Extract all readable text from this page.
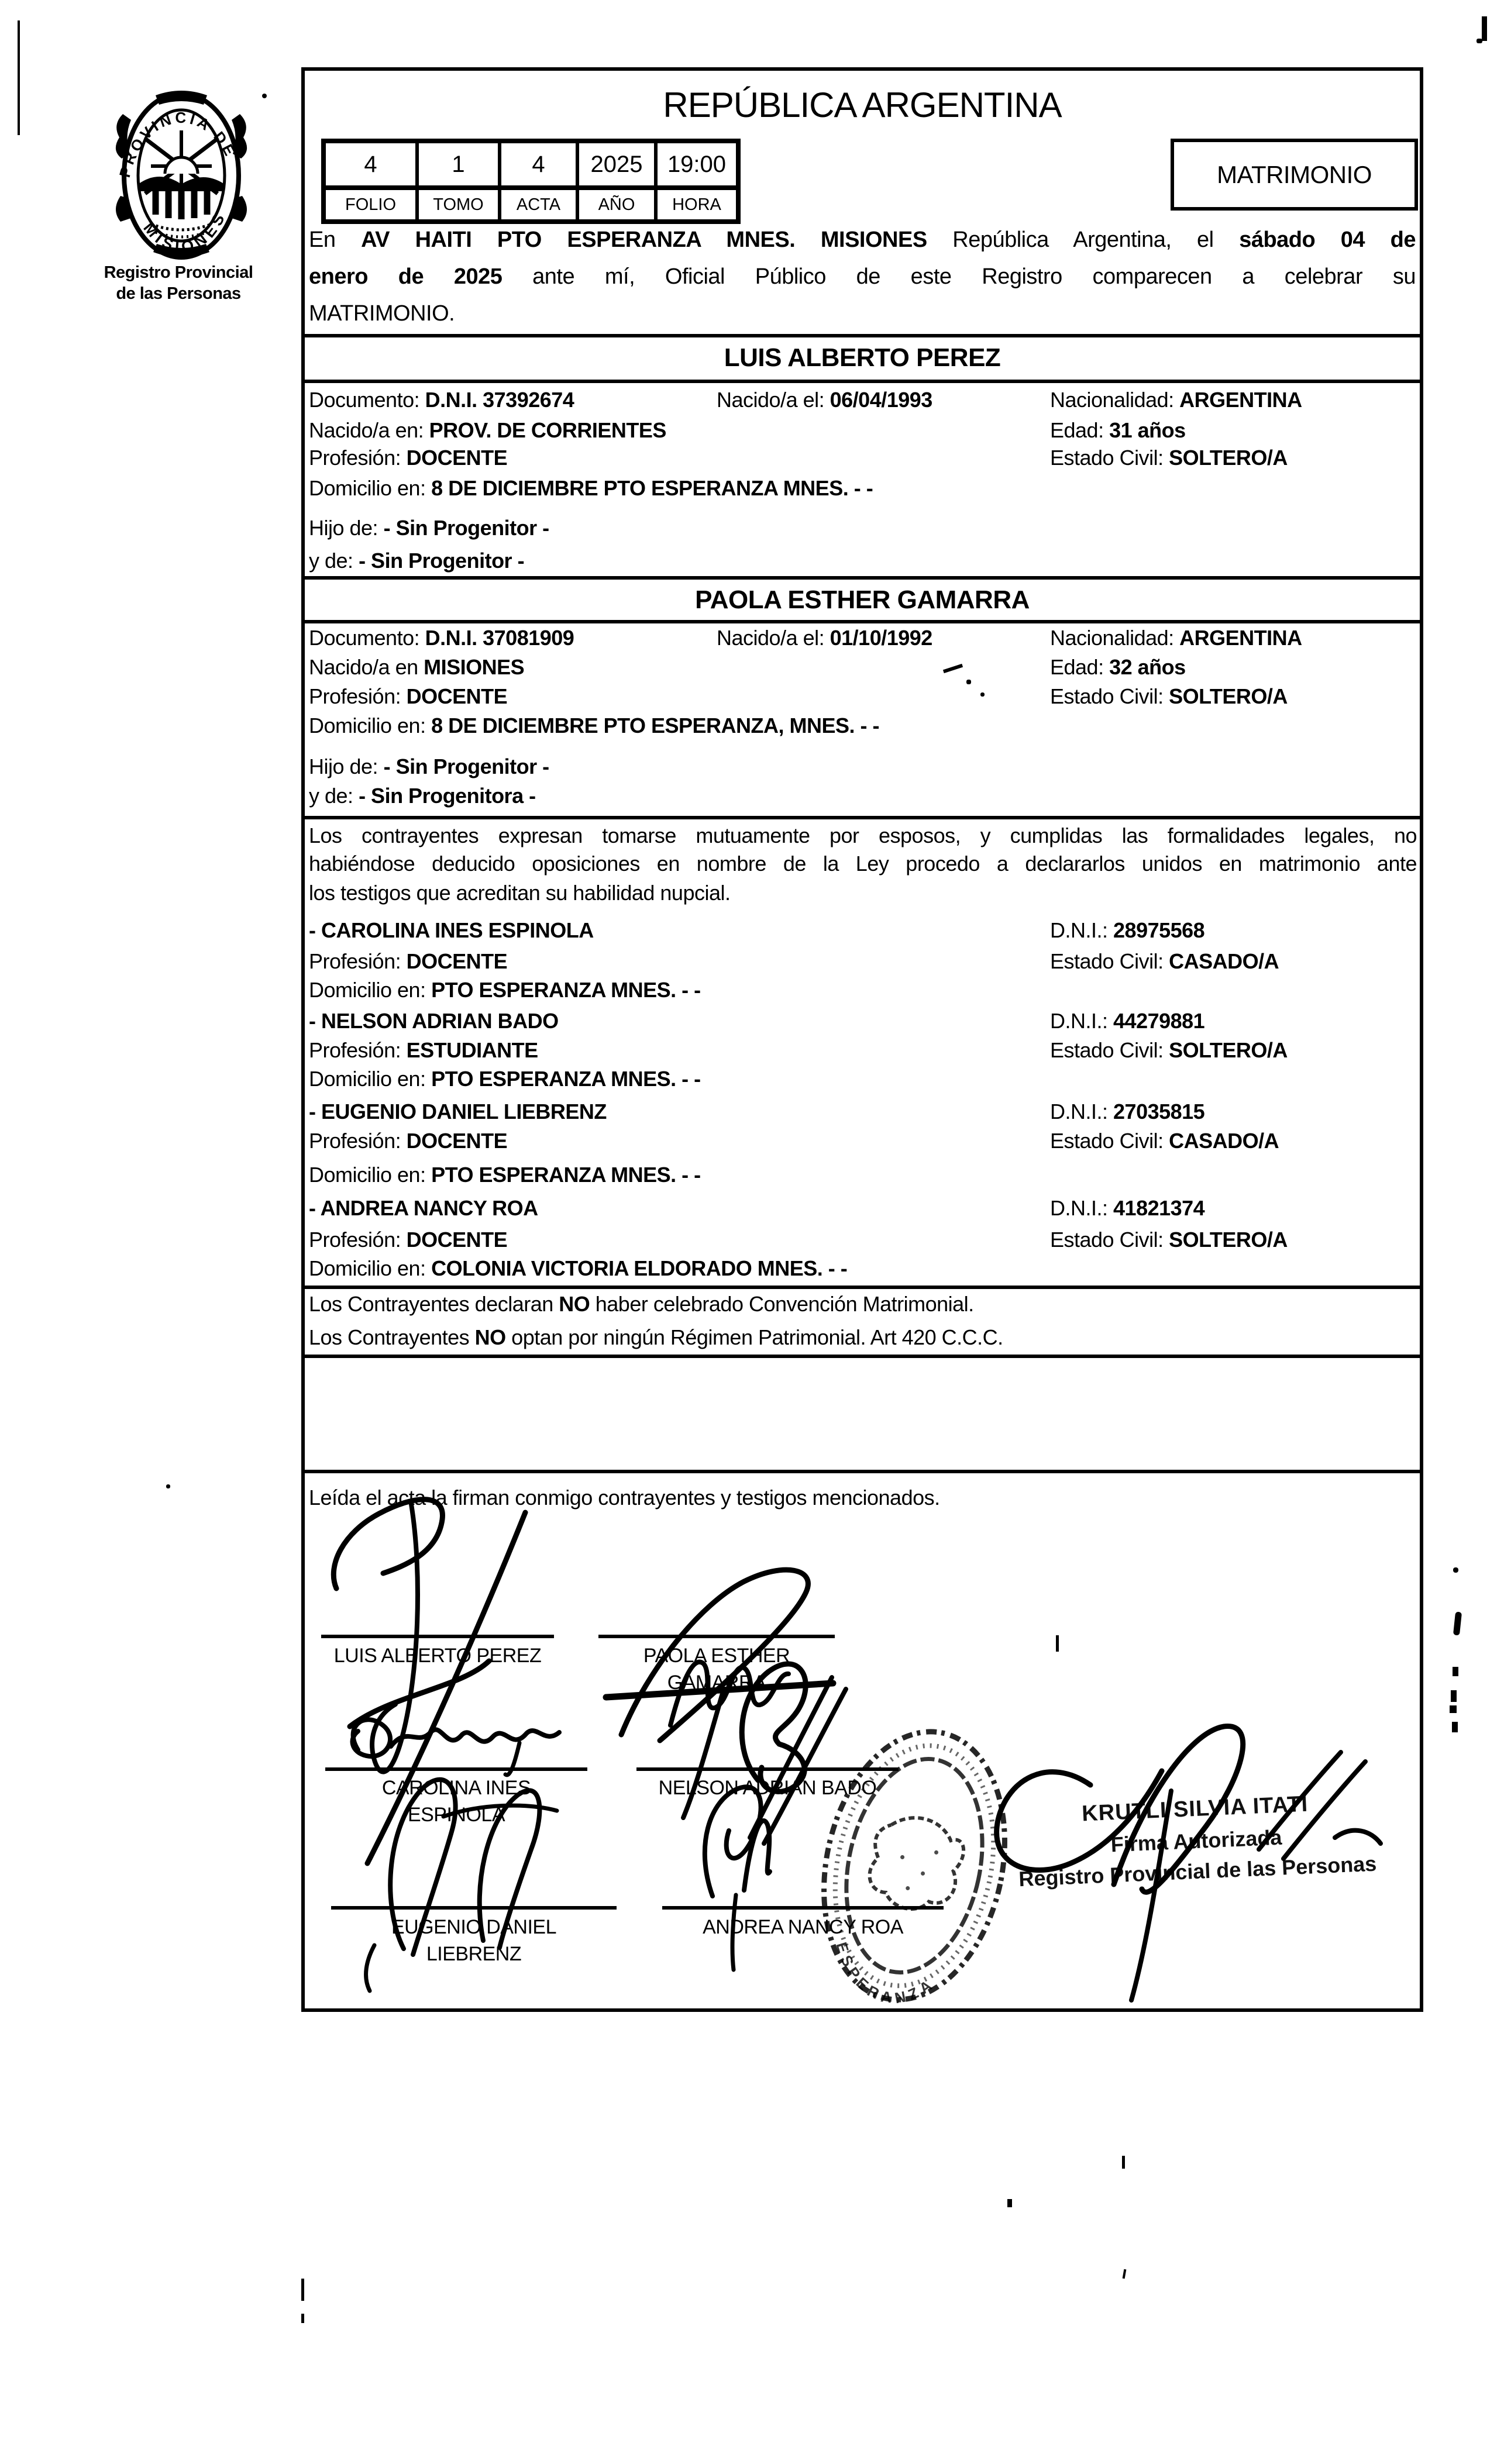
PROVINCIA DE
MISIONES
Registro Provincial
de las Personas
REPÚBLICA ARGENTINA
4	1	4	2025	19:00
FOLIO	TOMO	ACTA	AÑO	HORA
MATRIMONIO
En AV HAITI PTO ESPERANZA MNES. MISIONES República Argentina, el sábado 04 de
enero de 2025 ante mí, Oficial Público de este Registro comparecen a celebrar su
MATRIMONIO.
LUIS ALBERTO PEREZ
Documento: D.N.I. 37392674	Nacido/a el: 06/04/1993	Nacionalidad: ARGENTINA
Nacido/a en: PROV. DE CORRIENTES	Edad: 31 años
Profesión: DOCENTE	Estado Civil: SOLTERO/A
Domicilio en: 8 DE DICIEMBRE PTO ESPERANZA MNES. - -
Hijo de: - Sin Progenitor -
y de: - Sin Progenitor -
PAOLA ESTHER GAMARRA
Documento: D.N.I. 37081909	Nacido/a el: 01/10/1992	Nacionalidad: ARGENTINA
Nacido/a en MISIONES	Edad: 32 años
Profesión: DOCENTE	Estado Civil: SOLTERO/A
Domicilio en: 8 DE DICIEMBRE PTO ESPERANZA, MNES. - -
Hijo de: - Sin Progenitor -
y de: - Sin Progenitora -
Los contrayentes expresan tomarse mutuamente por esposos, y cumplidas las formalidades legales, no
habiéndose deducido oposiciones en nombre de la Ley procedo a declararlos unidos en matrimonio ante
los testigos que acreditan su habilidad nupcial.
- CAROLINA INES ESPINOLA	D.N.I.: 28975568
Profesión: DOCENTE	Estado Civil: CASADO/A
Domicilio en: PTO ESPERANZA MNES. - -
- NELSON ADRIAN BADO	D.N.I.: 44279881
Profesión: ESTUDIANTE	Estado Civil: SOLTERO/A
Domicilio en: PTO ESPERANZA MNES. - -
- EUGENIO DANIEL LIEBRENZ	D.N.I.: 27035815
Profesión: DOCENTE	Estado Civil: CASADO/A
Domicilio en: PTO ESPERANZA MNES. - -
- ANDREA NANCY ROA	D.N.I.: 41821374
Profesión: DOCENTE	Estado Civil: SOLTERO/A
Domicilio en: COLONIA VICTORIA ELDORADO MNES. - -
Los Contrayentes declaran NO haber celebrado Convención Matrimonial.
Los Contrayentes NO optan por ningún Régimen Patrimonial. Art 420 C.C.C.
Leída el acta la firman conmigo contrayentes y testigos mencionados.
LUIS ALBERTO PEREZ	PAOLA ESTHER
GAMARRA
CAROLINA INES
ESPINOLA
NELSON ADRIAN BADO
EUGENIO DANIEL
LIEBRENZ
ANDREA NANCY ROA
KRUTLI SILVIA ITATI
Firma Autorizada
Registro Provincial de las Personas
ESPERANZA
